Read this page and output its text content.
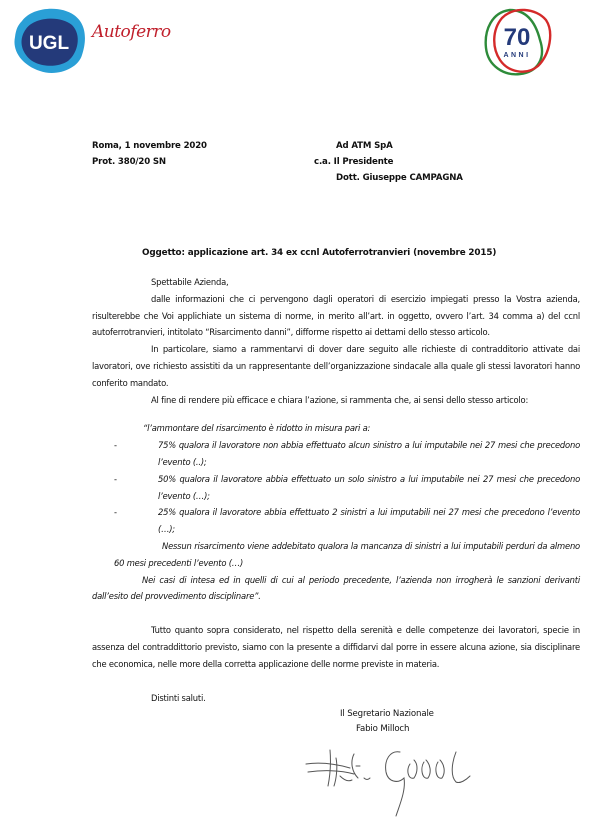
UGL
Autoferro	70
ANNI
Roma, 1 novembre 2020
Prot. 380/20 SN
Ad ATM SpA
c.a. Il Presidente
Dott. Giuseppe CAMPAGNA
Oggetto: applicazione art. 34 ex ccnl Autoferrotranvieri (novembre 2015)

Spettabile Azienda,

dalle informazioni che ci pervengono dagli operatori di esercizio impiegati presso la Vostra azienda, risulterebbe che Voi applichiate un sistema di norme, in merito all’art. in oggetto, ovvero l’art. 34 comma a) del ccnl autoferrotranvieri, intitolato “Risarcimento danni”, difforme rispetto ai dettami dello stesso articolo.

In particolare, siamo a rammentarvi di dover dare seguito alle richieste di contradditorio attivate dai lavoratori, ove richiesto assistiti da un rappresentante dell’organizzazione sindacale alla quale gli stessi lavoratori hanno conferito mandato.

Al fine di rendere più efficace e chiara l’azione, si rammenta che, ai sensi dello stesso articolo:

“l’ammontare del risarcimento è ridotto in misura pari a:

-	75% qualora il lavoratore non abbia effettuato alcun sinistro a lui imputabile nei 27 mesi che precedono l’evento (..);
-	50% qualora il lavoratore abbia effettuato un solo sinistro a lui imputabile nei 27 mesi che precedono l’evento (…);
-	25% qualora il lavoratore abbia effettuato 2 sinistri a lui imputabili nei 27 mesi che precedono l’evento (…);

Nessun risarcimento viene addebitato qualora la mancanza di sinistri a lui imputabili perduri da almeno 60 mesi precedenti l’evento (…)

Nei casi di intesa ed in quelli di cui al periodo precedente, l’azienda non irrogherà le sanzioni derivanti dall’esito del provvedimento disciplinare”.

Tutto quanto sopra considerato, nel rispetto della serenità e delle competenze dei lavoratori, specie in assenza del contraddittorio previsto, siamo con la presente a diffidarvi dal porre in essere alcuna azione, sia disciplinare che economica, nelle more della corretta applicazione delle norme previste in materia.

Distinti saluti.

Il Segretario Nazionale
Fabio Milloch
